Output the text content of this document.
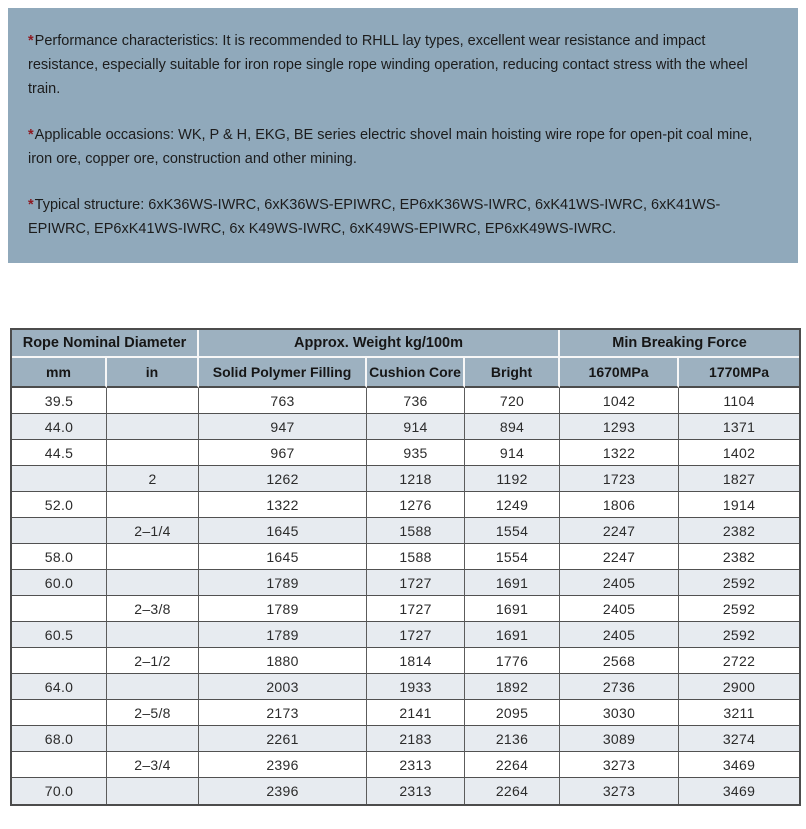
*Performance characteristics: It is recommended to RHLL lay types, excellent wear resistance and impact resistance, especially suitable for iron rope single rope winding operation, reducing contact stress with the wheel train.

*Applicable occasions: WK, P & H, EKG, BE series electric shovel main hoisting wire rope for open-pit coal mine, iron ore, copper ore, construction and other mining.

*Typical structure: 6xK36WS-IWRC, 6xK36WS-EPIWRC, EP6xK36WS-IWRC, 6xK41WS-IWRC, 6xK41WS- EPIWRC, EP6xK41WS-IWRC, 6x K49WS-IWRC, 6xK49WS-EPIWRC, EP6xK49WS-IWRC.

Rope Nominal Diameter		Approx. Weight kg/100m			Min Breaking Force	
mm	in	Solid Polymer Filling	Cushion Core	Bright	1670MPa	1770MPa
39.5		763	736	720	1042	1104
44.0		947	914	894	1293	1371
44.5		967	935	914	1322	1402
	2	1262	1218	1192	1723	1827
52.0		1322	1276	1249	1806	1914
	2–1/4	1645	1588	1554	2247	2382
58.0		1645	1588	1554	2247	2382
60.0		1789	1727	1691	2405	2592
	2–3/8	1789	1727	1691	2405	2592
60.5		1789	1727	1691	2405	2592
	2–1/2	1880	1814	1776	2568	2722
64.0		2003	1933	1892	2736	2900
	2–5/8	2173	2141	2095	3030	3211
68.0		2261	2183	2136	3089	3274
	2–3/4	2396	2313	2264	3273	3469
70.0		2396	2313	2264	3273	3469
